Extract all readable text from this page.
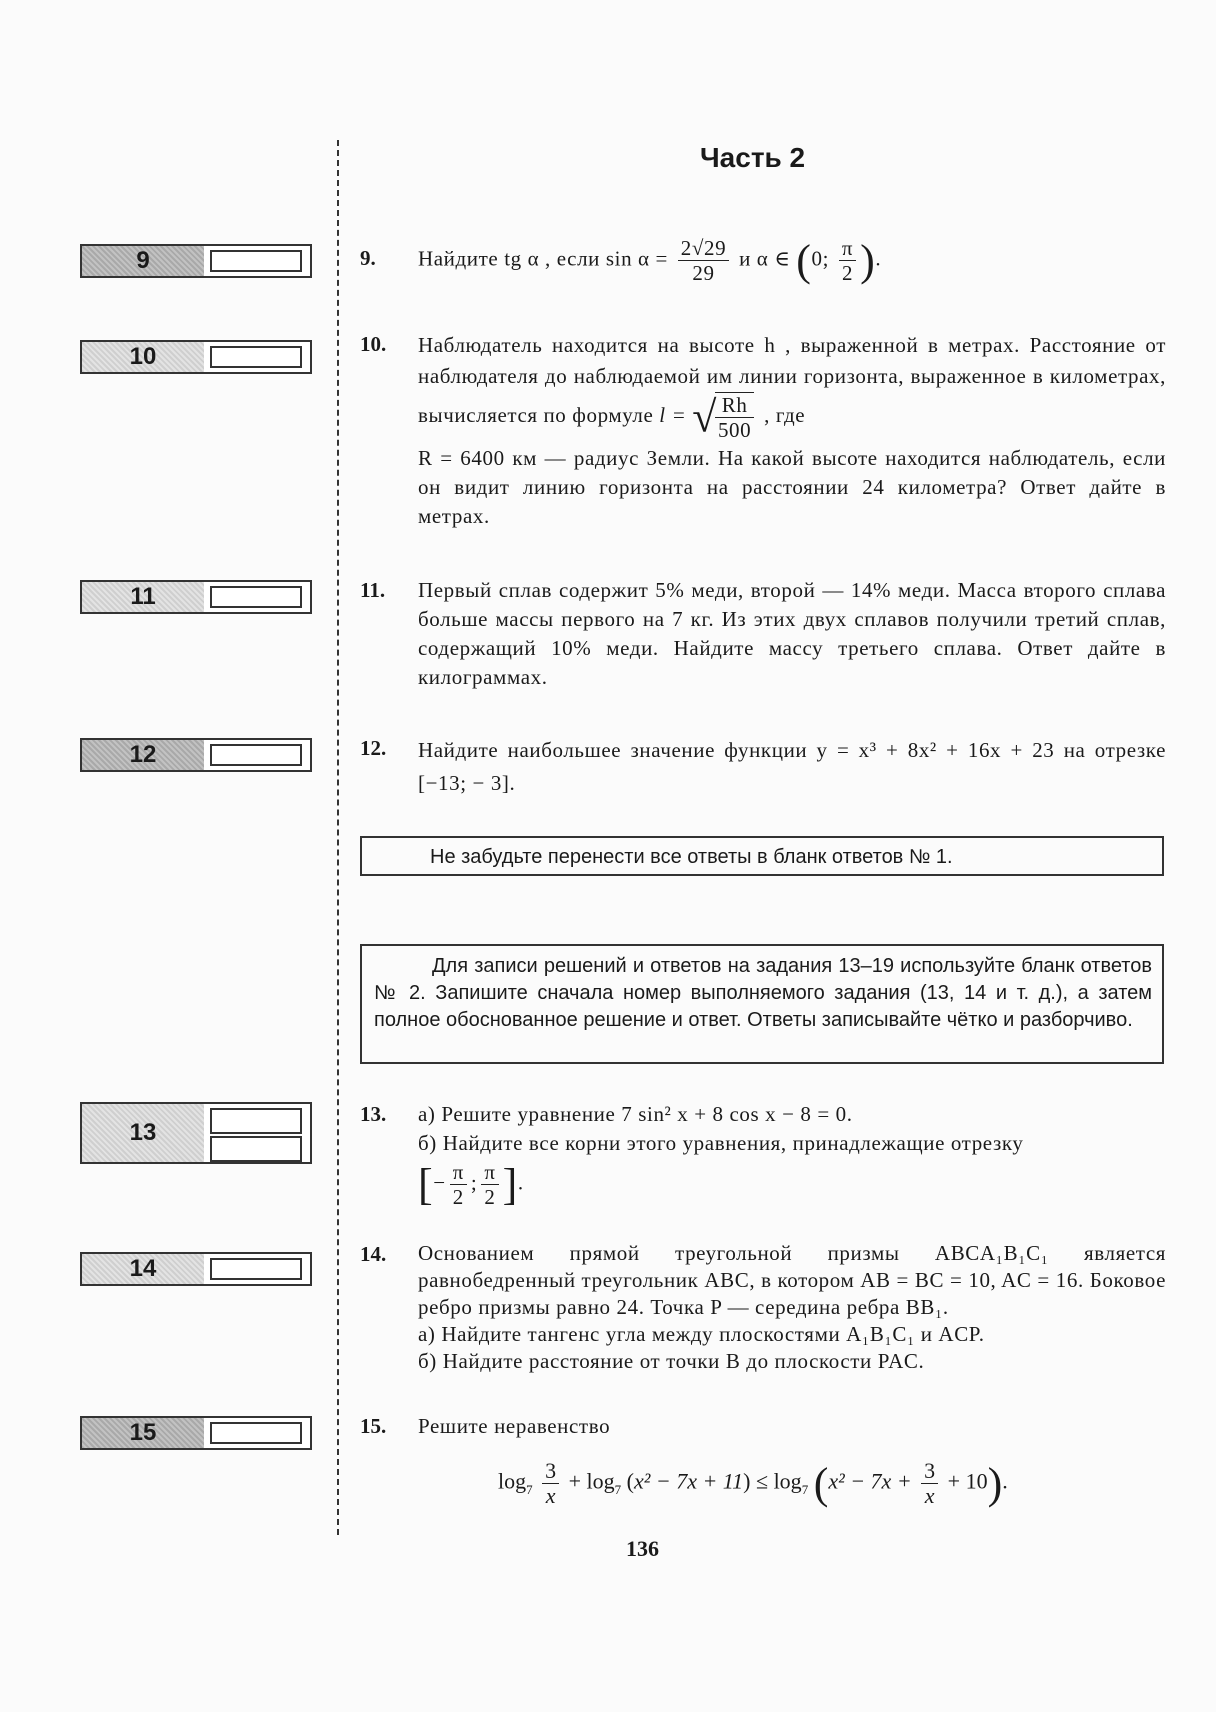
Часть 2
9
10
11
12
13
14
15
9. Найдите tg α , если $\sin \alpha = \frac{2√29}{29}$ и α ∈ (0; $\frac{\pi}{2}$ ).
10. Наблюдатель находится на высоте h , выраженной в метрах. Расстояние от наблюдателя до наблюдаемой им линии горизонта, выраженное в километрах, вычисляется по формуле l = √
$\frac{Rh}{500}$ , где

R = 6400 км — радиус Земли. На какой высоте находится наблюдатель, если он видит линию горизонта на расстоянии 24 километра? Ответ дайте в метрах.

11. Первый сплав содержит 5% меди, второй — 14% меди. Масса второго сплава больше массы первого на 7 кг. Из этих двух сплавов получили третий сплав, содержащий 10% меди. Найдите массу третьего сплава. Ответ дайте в килограммах.
12. Найдите наибольшее значение функции y = x³ + 8x² + 16x + 23 на отрезке [−13; − 3].
Не забудьте перенести все ответы в бланк ответов № 1.
Для записи решений и ответов на задания 13–19 используйте бланк ответов № 2. Запишите сначала номер выполняемого задания (13, 14 и т. д.), а затем полное обоснованное решение и ответ. Ответы записывайте чётко и разборчиво.
13. а) Решите уравнение 7 sin² x + 8 cos x − 8 = 0.

б) Найдите все корни этого уравнения, принадлежащие отрезку

[− $\frac{\pi}{2}$ ; $\frac{\pi}{2}$ ].

14. Основанием прямой треугольной призмы ABCA₁B₁C₁ является равнобедренный треугольник ABC, в котором AB = BC = 10, AC = 16. Боковое ребро призмы равно 24. Точка P — середина ребра BB₁.

а) Найдите тангенс угла между плоскостями A₁B₁C₁ и ACP.

б) Найдите расстояние от точки B до плоскости PAC.

15. Решите неравенство
$\log_7 \frac{3}{x} + \log_7 (x^2 - 7x + 11) \le \log_7 (x^2 - 7x + \frac{3}{x} + 10)$.
136
